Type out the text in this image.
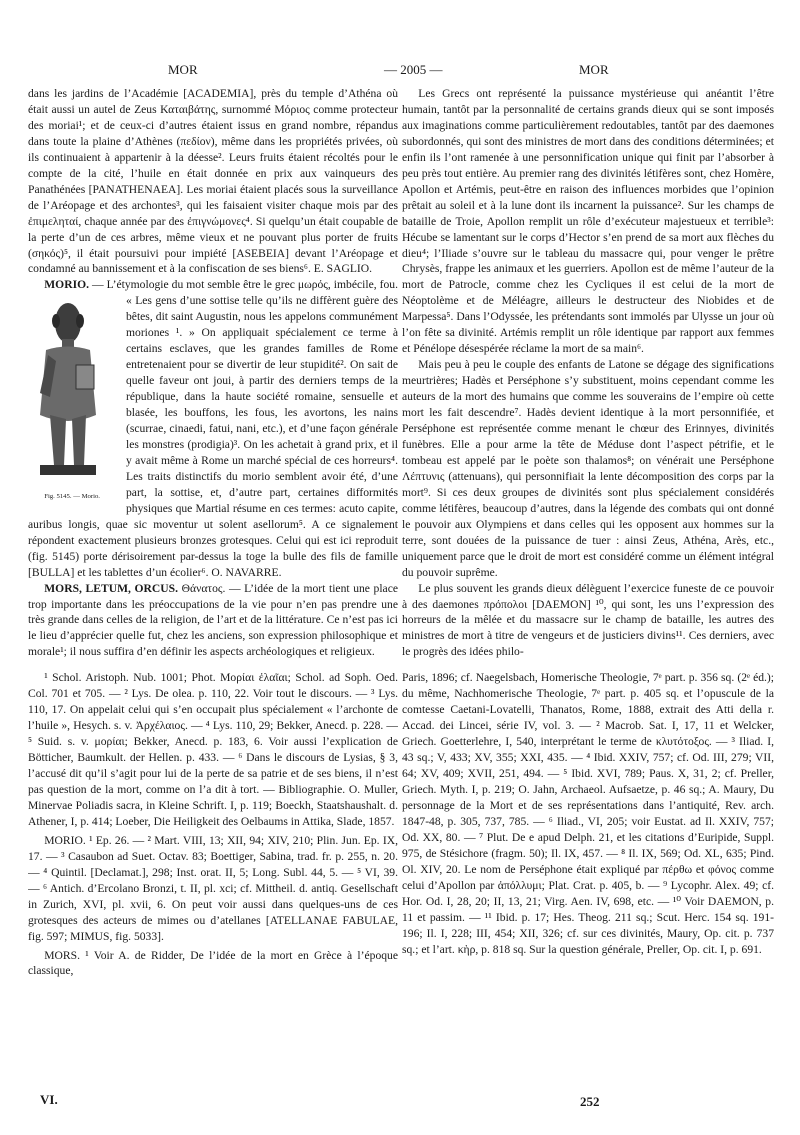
MOR	— 2005 —	MOR

dans les jardins de l’Académie [ACADEMIA], près du temple d’Athéna où était aussi un autel de Zeus Καταιβάτης, surnommé Μόριος comme protecteur des moriai¹; et de ceux-ci d’autres étaient issus en grand nombre, répandus dans toute la plaine d’Athènes (πεδίον), même dans les propriétés privées, où ils continuaient à appartenir à la déesse². Leurs fruits étaient récoltés pour le compte de la cité, l’huile en était donnée en prix aux vainqueurs des Panathénées [PANATHENAEA]. Les moriai étaient placés sous la surveillance de l’Aréopage et des archontes³, qui les faisaient visiter chaque mois par des ἐπιμεληταί, chaque année par des ἐπιγνώμονες⁴. Si quelqu’un était coupable de la perte d’un de ces arbres, même vieux et ne pouvant plus porter de fruits (σηκός)⁵, il était poursuivi pour impiété [ASEBEIA] devant l’Aréopage et condamné au bannissement et à la confiscation de ses biens⁶. E. SAGLIO.

MORIO. — L’étymologie du mot semble être le grec μωρός, imbécile, fou.
Fig. 5145. — Morio.
« Les gens d’une sottise telle qu’ils ne diffèrent guère des bêtes, dit saint Augustin, nous les appelons communément moriones ¹. » On appliquait spécialement ce terme à certains esclaves, que les grandes familles de Rome entretenaient pour se divertir de leur stupidité². On sait de quelle faveur ont joui, à partir des derniers temps de la république, dans la haute société romaine, sensuelle et blasée, les bouffons, les fous, les avortons, les nains (scurrae, cinaedi, fatui, nani, etc.), et d’une façon générale les monstres (prodigia)³. On les achetait à grand prix, et il y avait même à Rome un marché spécial de ces horreurs⁴. Les traits distinctifs du morio semblent avoir été, d’une part, la sottise, et, d’autre part, certaines difformités physiques que Martial résume en ces termes: acuto capite, auribus longis, quae sic moventur ut solent asellorum⁵. A ce signalement répondent exactement plusieurs bronzes grotesques. Celui qui est ici reproduit (fig. 5145) porte dérisoirement par-dessus la toge la bulle des fils de famille [BULLA] et les tablettes d’un écolier⁶. O. NAVARRE.

MORS, LETUM, ORCUS. Θάνατος. — L’idée de la mort tient une place trop importante dans les préoccupations de la vie pour n’en pas prendre une très grande dans celles de la religion, de l’art et de la littérature. Ce n’est pas ici le lieu d’apprécier quelle fut, chez les anciens, son expression philosophique et morale¹; il nous suffira d’en définir les aspects archéologiques et religieux.

¹ Schol. Aristoph. Nub. 1001; Phot. Μορίαι ἐλαῖαι; Schol. ad Soph. Oed. Col. 701 et 705. — ² Lys. De olea. p. 110, 22. Voir tout le discours. — ³ Lys. 110, 17. On appelait celui qui s’en occupait plus spécialement « l’archonte de l’huile », Hesych. s. v. Ἀρχέλαιος. — ⁴ Lys. 110, 29; Bekker, Anecd. p. 228. — ⁵ Suid. s. v. μορίαι; Bekker, Anecd. p. 183, 6. Voir aussi l’explication de Bötticher, Baumkult. der Hellen. p. 433. — ⁶ Dans le discours de Lysias, § 3, l’accusé dit qu’il s’agit pour lui de la perte de sa patrie et de ses biens, il n’est pas question de la mort, comme on l’a dit à tort. — Bibliographie. O. Muller, Minervae Poliadis sacra, in Kleine Schrift. I, p. 119; Boeckh, Staatshaushalt. d. Athener, I, p. 414; Loeber, Die Heiligkeit des Oelbaums in Attika, Slade, 1857.

MORIO. ¹ Ep. 26. — ² Mart. VIII, 13; XII, 94; XIV, 210; Plin. Jun. Ep. IX, 17. — ³ Casaubon ad Suet. Octav. 83; Boettiger, Sabina, trad. fr. p. 255, n. 20. — ⁴ Quintil. [Declamat.], 298; Inst. orat. II, 5; Long. Subl. 44, 5. — ⁵ VI, 39. — ⁶ Antich. d’Ercolano Bronzi, t. II, pl. xci; cf. Mittheil. d. antiq. Gesellschaft in Zurich, XVI, pl. xvii, 6. On peut voir aussi dans quelques-uns de ces grotesques des acteurs de mimes ou d’atellanes [ATELLANAE FABULAE, fig. 597; MIMUS, fig. 5033].

MORS. ¹ Voir A. de Ridder, De l’idée de la mort en Grèce à l’époque classique,

Les Grecs ont représenté la puissance mystérieuse qui anéantit l’être humain, tantôt par la personnalité de certains grands dieux qui se sont imposés aux imaginations comme particulièrement redoutables, tantôt par des daemones subordonnés, qui sont des ministres de mort dans des conditions déterminées; et enfin ils l’ont ramenée à une personnification unique qui finit par l’absorber à peu près tout entière. Au premier rang des divinités létifères sont, chez Homère, Apollon et Artémis, peut-être en raison des influences morbides que l’opinion prêtait au soleil et à la lune dont ils incarnent la puissance². Sur les champs de bataille de Troie, Apollon remplit un rôle d’exécuteur majestueux et terrible³: Hécube se lamentant sur le corps d’Hector s’en prend de sa mort aux flèches du dieu⁴; l’Iliade s’ouvre sur le tableau du massacre qui, pour venger le prêtre Chrysès, frappe les animaux et les guerriers. Apollon est de même l’auteur de la mort de Patrocle, comme chez les Cycliques il est celui de la mort de Néoptolème et de Méléagre, ailleurs le destructeur des Niobides et de Marpessa⁵. Dans l’Odyssée, les prétendants sont immolés par Ulysse un jour où l’on fête sa divinité. Artémis remplit un rôle identique par rapport aux femmes et Pénélope désespérée réclame la mort de sa main⁶.

Mais peu à peu le couple des enfants de Latone se dégage des significations meurtrières; Hadès et Perséphone s’y substituent, moins cependant comme les auteurs de la mort des humains que comme les souverains de l’empire où cette mort les fait descendre⁷. Hadès devient identique à la mort personnifiée, et Perséphone est représentée comme menant le chœur des Erinnyes, divinités funèbres. Elle a pour arme la tête de Méduse dont l’aspect pétrifie, et le tombeau est appelé par le poète son thalamos⁸; on vénérait une Perséphone Λέπτυνις (attenuans), qui personnifiait la lente décomposition des corps par la mort⁹. Si ces deux groupes de divinités sont plus spécialement considérés comme létifères, beaucoup d’autres, dans la légende des combats qui ont donné le pouvoir aux Olympiens et dans celles qui les opposent aux hommes sur la terre, sont douées de la puissance de tuer : ainsi Zeus, Athéna, Arès, etc., uniquement parce que le droit de mort est considéré comme un élément intégral du pouvoir suprême.

Le plus souvent les grands dieux délèguent l’exercice funeste de ce pouvoir à des daemones πρόπολοι [DAEMON] ¹⁰, qui sont, les uns l’expression des horreurs de la mêlée et du massacre sur le champ de bataille, les autres des ministres de mort à titre de vengeurs et de justiciers divins¹¹. Ces derniers, avec le progrès des idées philo-

Paris, 1896; cf. Naegelsbach, Homerische Theologie, 7ᵉ part. p. 356 sq. (2ᵉ éd.); du même, Nachhomerische Theologie, 7ᵉ part. p. 405 sq. et l’opuscule de la comtesse Caetani-Lovatelli, Thanatos, Rome, 1888, extrait des Atti della r. Accad. dei Lincei, série IV, vol. 3. — ² Macrob. Sat. I, 17, 11 et Welcker, Griech. Goetterlehre, I, 540, interprétant le terme de κλυτότοξος. — ³ Iliad. I, 43 sq.; V, 433; XV, 355; XXI, 435. — ⁴ Ibid. XXIV, 757; cf. Od. III, 279; VII, 64; XV, 409; XVII, 251, 494. — ⁵ Ibid. XVI, 789; Paus. X, 31, 2; cf. Preller, Griech. Myth. I, p. 219; O. Jahn, Archaeol. Aufsaetze, p. 46 sq.; A. Maury, Du personnage de la Mort et de ses représentations dans l’antiquité, Rev. arch. 1847-48, p. 305, 737, 785. — ⁶ Iliad., VI, 205; voir Eustat. ad Il. XXIV, 757; Od. XX, 80. — ⁷ Plut. De e apud Delph. 21, et les citations d’Euripide, Suppl. 975, de Stésichore (fragm. 50); Il. IX, 457. — ⁸ Il. IX, 569; Od. XL, 635; Pind. Ol. XIV, 20. Le nom de Perséphone était expliqué par πέρθω et φόνος comme celui d’Apollon par ἀπόλλυμι; Plat. Crat. p. 405, b. — ⁹ Lycophr. Alex. 49; cf. Hor. Od. I, 28, 20; II, 13, 21; Virg. Aen. IV, 698, etc. — ¹⁰ Voir DAEMON, p. 11 et passim. — ¹¹ Ibid. p. 17; Hes. Theog. 211 sq.; Scut. Herc. 154 sq. 191-196; Il. I, 228; III, 454; XII, 326; cf. sur ces divinités, Maury, Op. cit. p. 737 sq.; et l’art. κὴρ, p. 818 sq. Sur la question générale, Preller, Op. cit. I, p. 691.

VI.	252
